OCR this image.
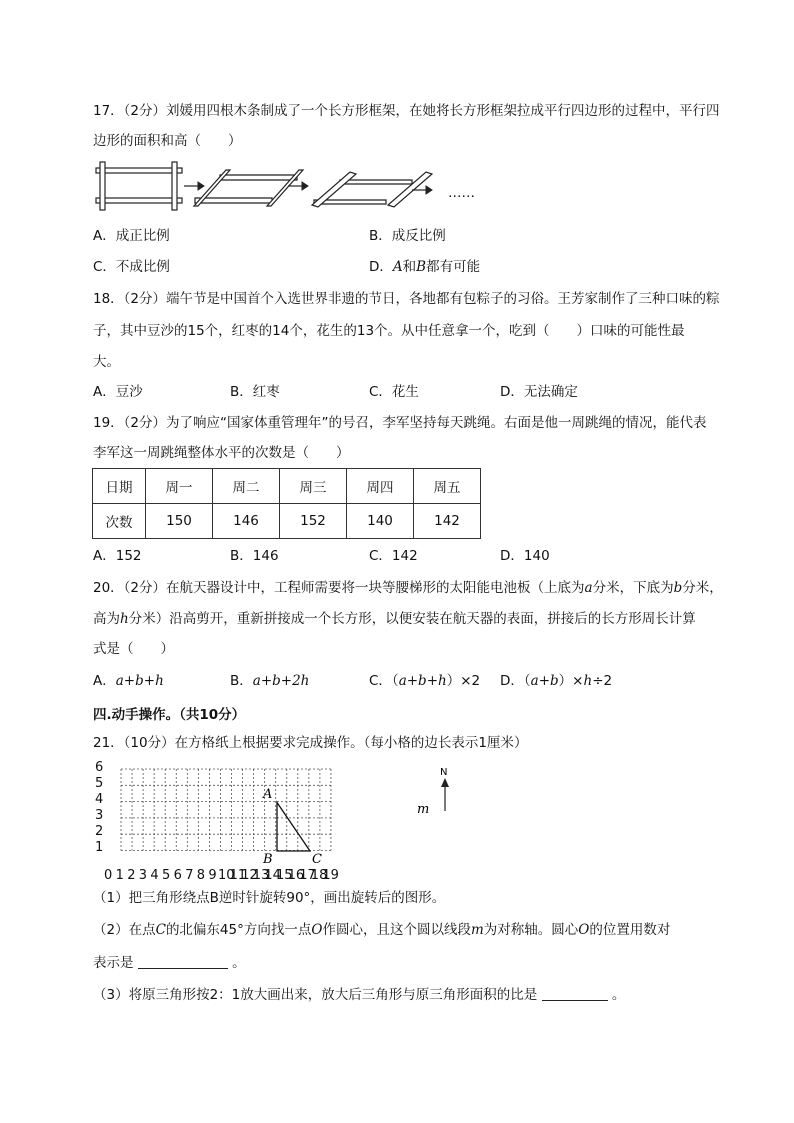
17．（2分）刘媛用四根木条制成了一个长方形框架，在她将长方形框架拉成平行四边形的过程中，平行四
边形的面积和高（　　）
……
A．成正比例	B．成反比例
C．不成比例	D．A和B都有可能
18．（2分）端午节是中国首个入选世界非遗的节日，各地都有包粽子的习俗。王芳家制作了三种口味的粽
子，其中豆沙的15个，红枣的14个，花生的13个。从中任意拿一个，吃到（　　）口味的可能性最
大。
A．豆沙	B．红枣	C．花生	D．无法确定
19．（2分）为了响应“国家体重管理年”的号召，李军坚持每天跳绳。右面是他一周跳绳的情况，能代表
李军这一周跳绳整体水平的次数是（　　）
日期	周一	周二	周三	周四	周五
次数	150	146	152	140	142
A．152	B．146	C．142	D．140
20．（2分）在航天器设计中，工程师需要将一块等腰梯形的太阳能电池板（上底为a分米，下底为b分米，
高为h分米）沿高剪开，重新拼接成一个长方形，以便安装在航天器的表面，拼接后的长方形周长计算
式是（　　）
A．a+b+h	B．a+b+2h	C．（a+b+h）×2 D．（a+b）×h÷2
四.动手操作。（共10分）
21．（10分）在方格纸上根据要求完成操作。（每小格的边长表示1厘米）
1
2
3
4
5
6
0 1 2 3 4 5 6 7 8 9 10
11
12
13
14
15
16
17
18
19
A
B	C
m
N
（1）把三角形绕点B逆时针旋转90°，画出旋转后的图形。
（2）在点C的北偏东45°方向找一点O作圆心，且这个圆以线段m为对称轴。圆心O的位置用数对
表示是	。
（3）将原三角形按2：1放大画出来，放大后三角形与原三角形面积的比是	。
